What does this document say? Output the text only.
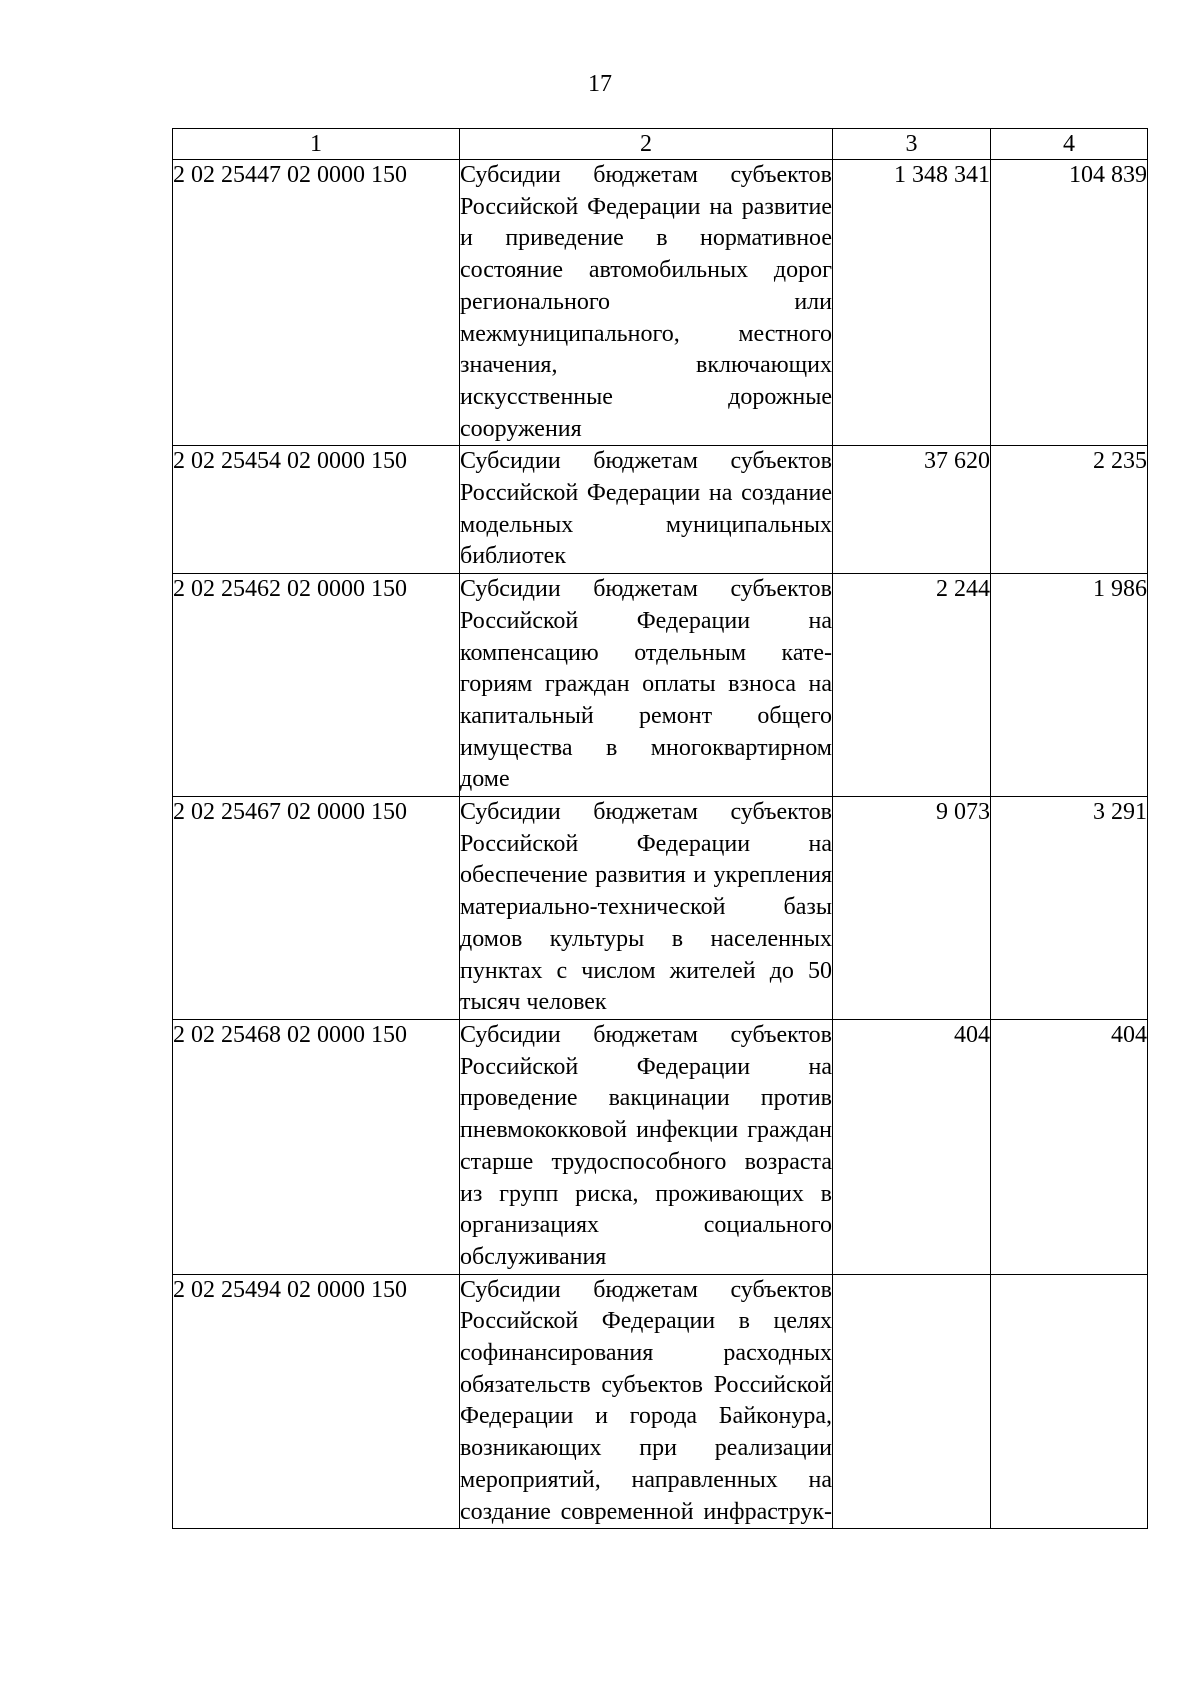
17
1	2	3	4
2 02 25447 02 0000 150	Субсидии бюджетам субъектов Российской Федерации на развитие и приведение в нормативное состояние автомобильных дорог регионального или межмуниципального, местного значения, включающих искусственные дорожные сооружения	1 348 341	104 839
2 02 25454 02 0000 150	Субсидии бюджетам субъектов Российской Федерации на создание модельных муниципальных библиотек	37 620	2 235
2 02 25462 02 0000 150	Субсидии бюджетам субъектов Российской Федерации на компенсацию отдельным категориям граждан оплаты взноса на капитальный ремонт общего имущества в многоквартирном доме	2 244	1 986
2 02 25467 02 0000 150	Субсидии бюджетам субъектов Российской Федерации на обеспечение развития и укрепления материально-технической базы домов культуры в населенных пунктах с числом жителей до 50 тысяч человек	9 073	3 291
2 02 25468 02 0000 150	Субсидии бюджетам субъектов Российской Федерации на проведение вакцинации против пневмококковой инфекции граждан старше трудоспособного возраста из групп риска, проживающих в организациях социального обслуживания	404	404
2 02 25494 02 0000 150	Субсидии бюджетам субъектов Российской Федерации в целях софинансирования расходных обязательств субъектов Российской Федерации и города Байконура, возникающих при реализации мероприятий, направленных на создание современной инфраструк-		
